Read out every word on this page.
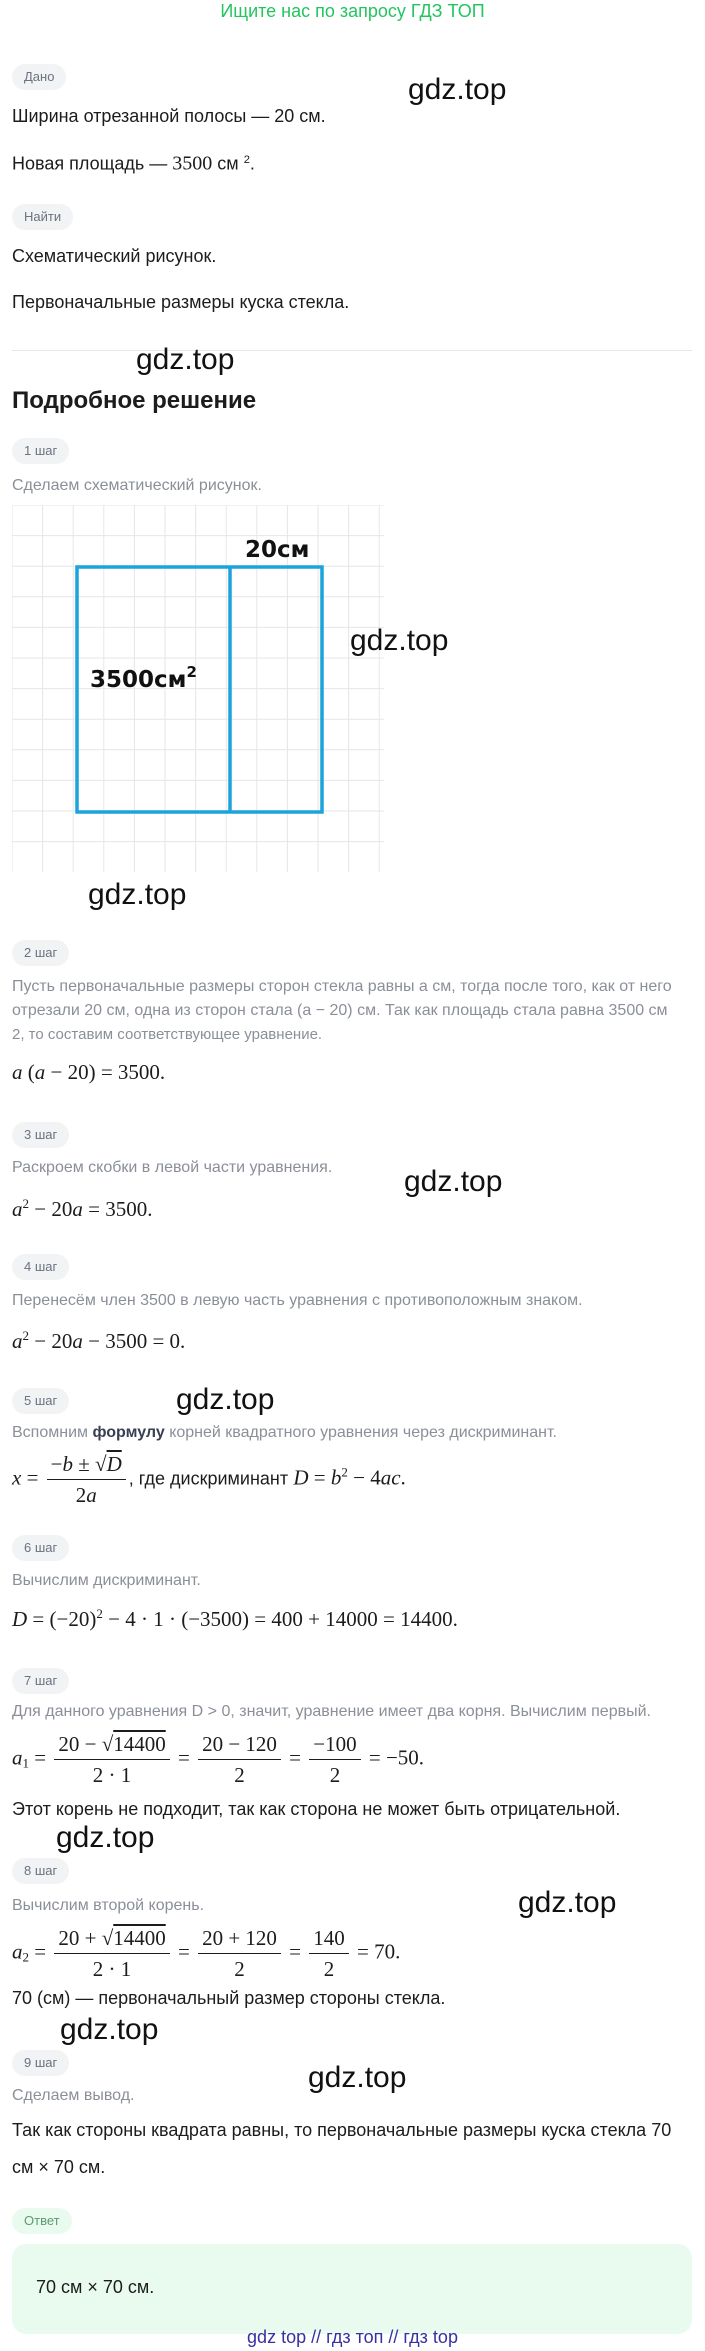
Ищите нас по запросу ГДЗ ТОП
Дано	gdz.top
Ширина отрезанной полосы — 20 см.
Новая площадь — 3500 см $^2$.
Найти
Схематический рисунок.
Первоначальные размеры куска стекла.
gdz.top
Подробное решение
1 шаг
Сделаем схематический рисунок.
20см
$3500см^2$
gdz.top
gdz.top
2 шаг
Пусть первоначальные размеры сторон стекла равны a см, тогда после того, как от него
отрезали 20 см, одна из сторон стала (a − 20) см. Так как площадь стала равна 3500 см
2, то составим соответствующее уравнение.
a (a − 20) = 3500.
3 шаг
gdz.top
Раскроем скобки в левой части уравнения.
$a^2 - 20a = 3500$.
4 шаг
Перенесём член 3500 в левую часть уравнения с противоположным знаком.
$a^2 - 20a - 3500 = 0$.
5 шаг	gdz.top
Вспомним формулу корней квадратного уравнения через дискриминант.
$x = \frac{-b \pm √D}{2a}$ , где дискриминант $D = b^2 - 4ac$.
6 шаг
Вычислим дискриминант.
$D = (-20)^2 - 4 \cdot 1 \cdot (-3500) = 400 + 14000 = 14400$.
7 шаг
Для данного уравнения D > 0, значит, уравнение имеет два корня. Вычислим первый.
$a_1 = \frac{20 - √14400}{2 \cdot 1} = \frac{20 - 120}{2} = \frac{-100}{2} = -50$.
Этот корень не подходит, так как сторона не может быть отрицательной.
gdz.top
8 шаг
gdz.top
Вычислим второй корень.
$a_2 = \frac{20 + √14400}{2 \cdot 1} = \frac{20 + 120}{2} = \frac{140}{2} = 70$.
70 (см) — первоначальный размер стороны стекла.
gdz.top
9 шаг	gdz.top
Сделаем вывод.
Так как стороны квадрата равны, то первоначальные размеры куска стекла 70
см × 70 см.
Ответ
70 см × 70 см.
gdz top // гдз топ // гдз top
